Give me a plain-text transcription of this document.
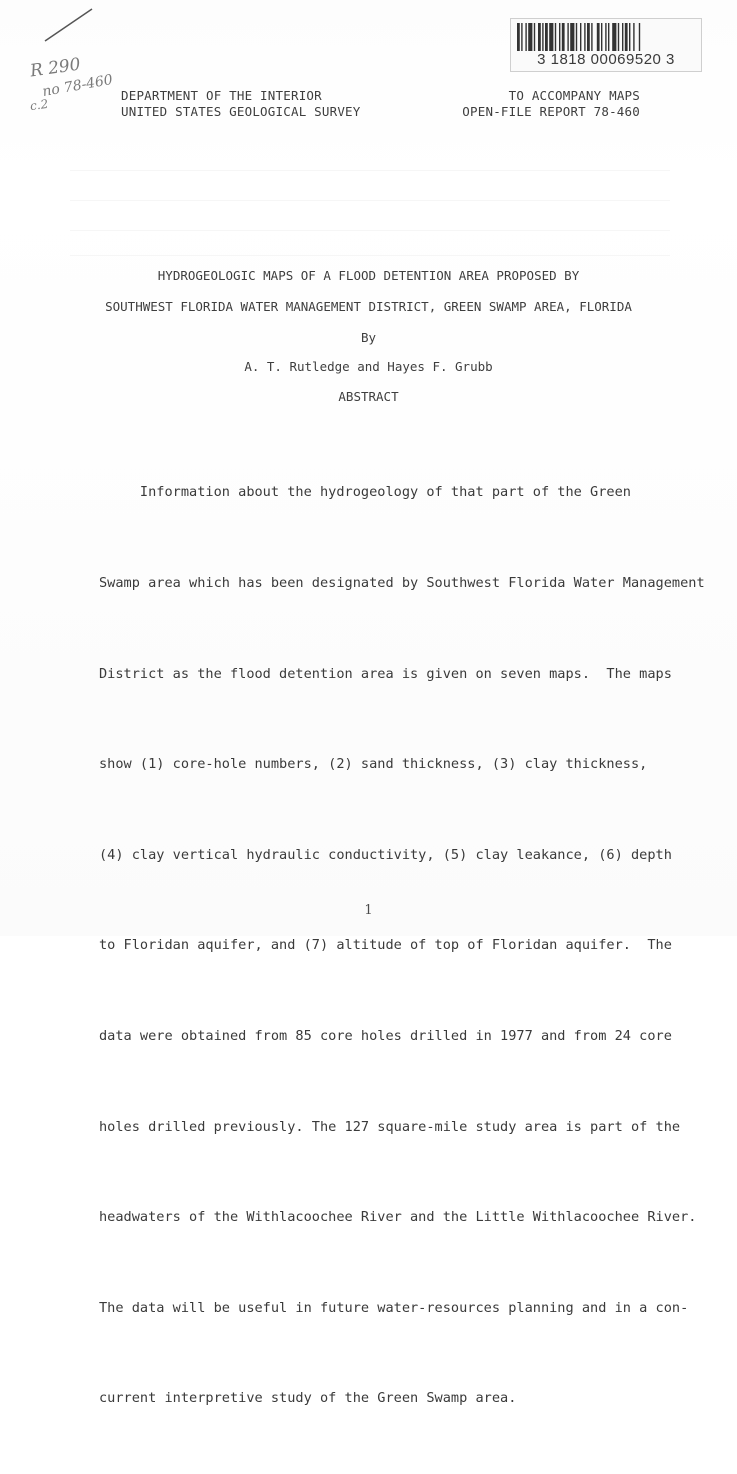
R 290
no 78-460
c.2
3 1818 00069520 3
DEPARTMENT OF THE INTERIOR
UNITED STATES GEOLOGICAL SURVEY
TO ACCOMPANY MAPS
OPEN-FILE REPORT 78-460
HYDROGEOLOGIC MAPS OF A FLOOD DETENTION AREA PROPOSED BY
SOUTHWEST FLORIDA WATER MANAGEMENT DISTRICT, GREEN SWAMP AREA, FLORIDA
By
A. T. Rutledge and Hayes F. Grubb
ABSTRACT

Information about the hydrogeology of that part of the Green

Swamp area which has been designated by Southwest Florida Water Management

District as the flood detention area is given on seven maps.  The maps

show (1) core-hole numbers, (2) sand thickness, (3) clay thickness,

(4) clay vertical hydraulic conductivity, (5) clay leakance, (6) depth

to Floridan aquifer, and (7) altitude of top of Floridan aquifer.  The

data were obtained from 85 core holes drilled in 1977 and from 24 core

holes drilled previously. The 127 square-mile study area is part of the

headwaters of the Withlacoochee River and the Little Withlacoochee River.

The data will be useful in future water-resources planning and in a con-

current interpretive study of the Green Swamp area.

1
